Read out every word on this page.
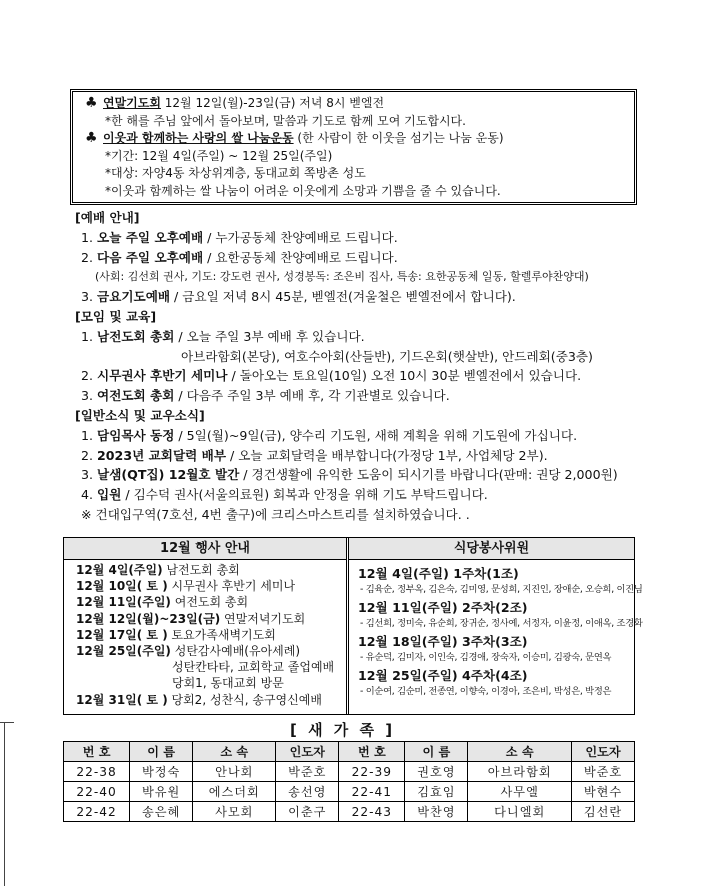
♣ 연말기도회 12월 12일(월)-23일(금) 저녁 8시 벧엘전
*한 해를 주님 앞에서 돌아보며, 말씀과 기도로 함께 모여 기도합시다.
♣ 이웃과 함께하는 사랑의 쌀 나눔운동 (한 사람이 한 이웃을 섬기는 나눔 운동)
*기간: 12월 4일(주일) ~ 12월 25일(주일)
*대상: 자양4동 차상위계층, 동대교회 쪽방촌 성도
*이웃과 함께하는 쌀 나눔이 어려운 이웃에게 소망과 기쁨을 줄 수 있습니다.
[예배 안내]
1. 오늘 주일 오후예배 / 누가공동체 찬양예배로 드립니다.
2. 다음 주일 오후예배 / 요한공동체 찬양예배로 드립니다.
(사회: 김선희 권사, 기도: 강도련 권사, 성경봉독: 조은비 집사, 특송: 요한공동체 일동, 할렐루야찬양대)
3. 금요기도예배 / 금요일 저녁 8시 45분, 벧엘전(겨울철은 벧엘전에서 합니다).
[모임 및 교육]
1. 남전도회 총회 / 오늘 주일 3부 예배 후 있습니다.
아브라함회(본당), 여호수아회(산들반), 기드온회(햇살반), 안드레회(중3층)
2. 시무권사 후반기 세미나 / 돌아오는 토요일(10일) 오전 10시 30분 벧엘전에서 있습니다.
3. 여전도회 총회 / 다음주 주일 3부 예배 후, 각 기관별로 있습니다.
[일반소식 및 교우소식]
1. 담임목사 동정 / 5일(월)~9일(금), 양수리 기도원, 새해 계획을 위해 기도원에 가십니다.
2. 2023년 교회달력 배부 / 오늘 교회달력을 배부합니다(가정당 1부, 사업체당 2부).
3. 날샘(QT집) 12월호 발간 / 경건생활에 유익한 도움이 되시기를 바랍니다(판매: 권당 2,000원)
4. 입원 / 김수덕 권사(서울의료원) 회복과 안정을 위해 기도 부탁드립니다.
※ 건대입구역(7호선, 4번 출구)에 크리스마스트리를 설치하였습니다. .
12월 행사 안내	식당봉사위원
12월 4일(주일) 남전도회 총회
12월 10일( 토 ) 시무권사 후반기 세미나
12월 11일(주일) 여전도회 총회
12월 12일(월)~23일(금) 연말저녁기도회
12월 17일( 토 ) 토요가족새벽기도회
12월 25일(주일) 성탄감사예배(유아세례)
성탄칸타타, 교회학교 졸업예배
당회1, 동대교회 방문
12월 31일( 토 ) 당회2, 성찬식, 송구영신예배
12월 4일(주일) 1주차(1조)
- 김육순, 정부옥, 김은숙, 김미영, 문성희, 지진인, 장애순, 오승희, 이진님
12월 11일(주일) 2주차(2조)
- 김선희, 정미숙, 유순희, 장귀순, 정사예, 서정자, 이윤정, 이애옥, 조경화
12월 18일(주일) 3주차(3조)
- 유순덕, 김미자, 이인숙, 김경애, 장숙자, 이승미, 김광숙, 문연옥
12월 25일(주일) 4주차(4조)
- 이순여, 김순미, 전종연, 이향숙, 이경아, 조은비, 박성은, 박정은
[ 새 가 족 ]
번 호	이 름	소 속	인도자	번 호	이 름	소 속	인도자
22-38	박정숙	안나회	박준호	22-39	권호영	아브라함회	박준호
22-40	박유원	에스더회	송선영	22-41	김효임	사무엘	박현수
22-42	송은혜	사모회	이춘구	22-43	박찬영	다니엘회	김선란
